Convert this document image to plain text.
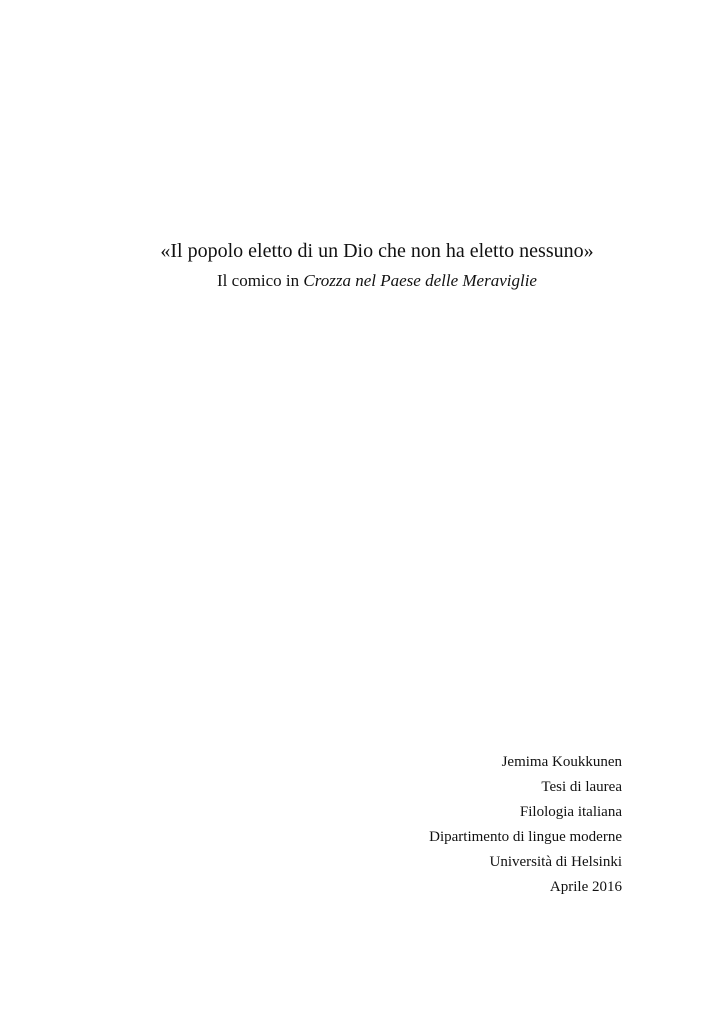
«Il popolo eletto di un Dio che non ha eletto nessuno»
Il comico in Crozza nel Paese delle Meraviglie
Jemima Koukkunen
Tesi di laurea
Filologia italiana
Dipartimento di lingue moderne
Università di Helsinki
Aprile 2016
